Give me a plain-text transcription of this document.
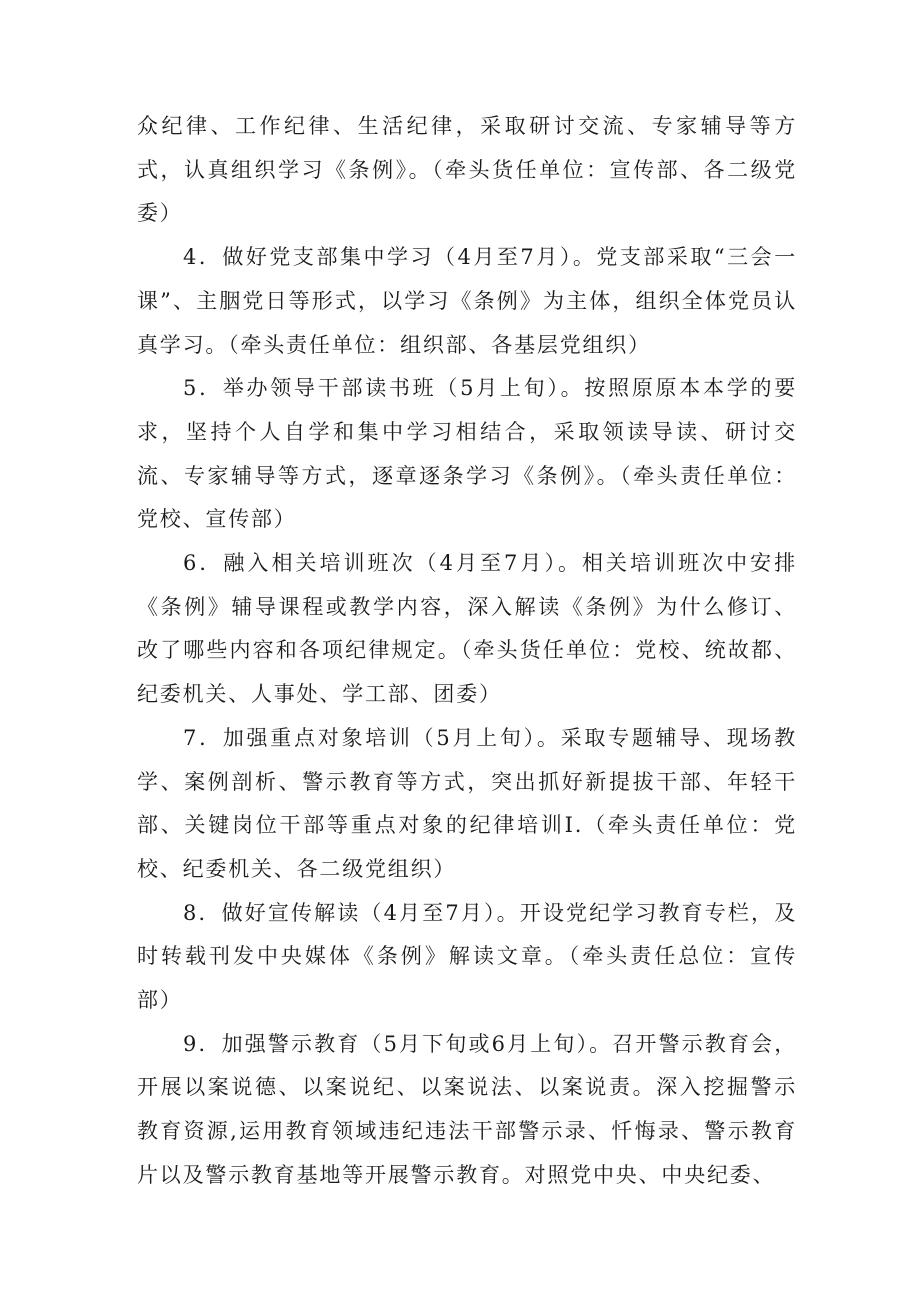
众纪律、工作纪律、生活纪律，采取研讨交流、专家辅导等方式，认真组织学习《条例》。（牵头货任单位：宣传部、各二级党委）

4．做好党支部集中学习（4月至7月）。党支部采取“三会一课”、主胭党日等形式，以学习《条例》为主体，组织全体党员认真学习。（牵头责任单位：组织部、各基层党组织）

5．举办领导干部读书班（5月上旬）。按照原原本本学的要求，坚持个人自学和集中学习相结合，采取领读导读、研讨交流、专家辅导等方式，逐章逐条学习《条例》。（牵头责任单位：党校、宣传部）

6．融入相关培训班次（4月至7月）。相关培训班次中安排《条例》辅导课程或教学内容，深入解读《条例》为什么修订、改了哪些内容和各项纪律规定。（牵头货任单位：党校、统故都、纪委机关、人事处、学工部、团委）

7．加强重点对象培训（5月上旬）。采取专题辅导、现场教学、案例剖析、警示教育等方式，突出抓好新提拔干部、年轻干部、关键岗位干部等重点对象的纪律培训I.（牵头责任单位：党校、纪委机关、各二级党组织）

8．做好宣传解读（4月至7月）。开设党纪学习教育专栏，及时转载刊发中央媒体《条例》解读文章。（牵头责任总位：宣传部）

9．加强警示教育（5月下旬或6月上旬）。召开警示教育会，开展以案说德、以案说纪、以案说法、以案说责。深入挖掘警示教育资源,运用教育领域违纪违法干部警示录、忏悔录、警示教育片以及警示教育基地等开展警示教育。对照党中央、中央纪委、
